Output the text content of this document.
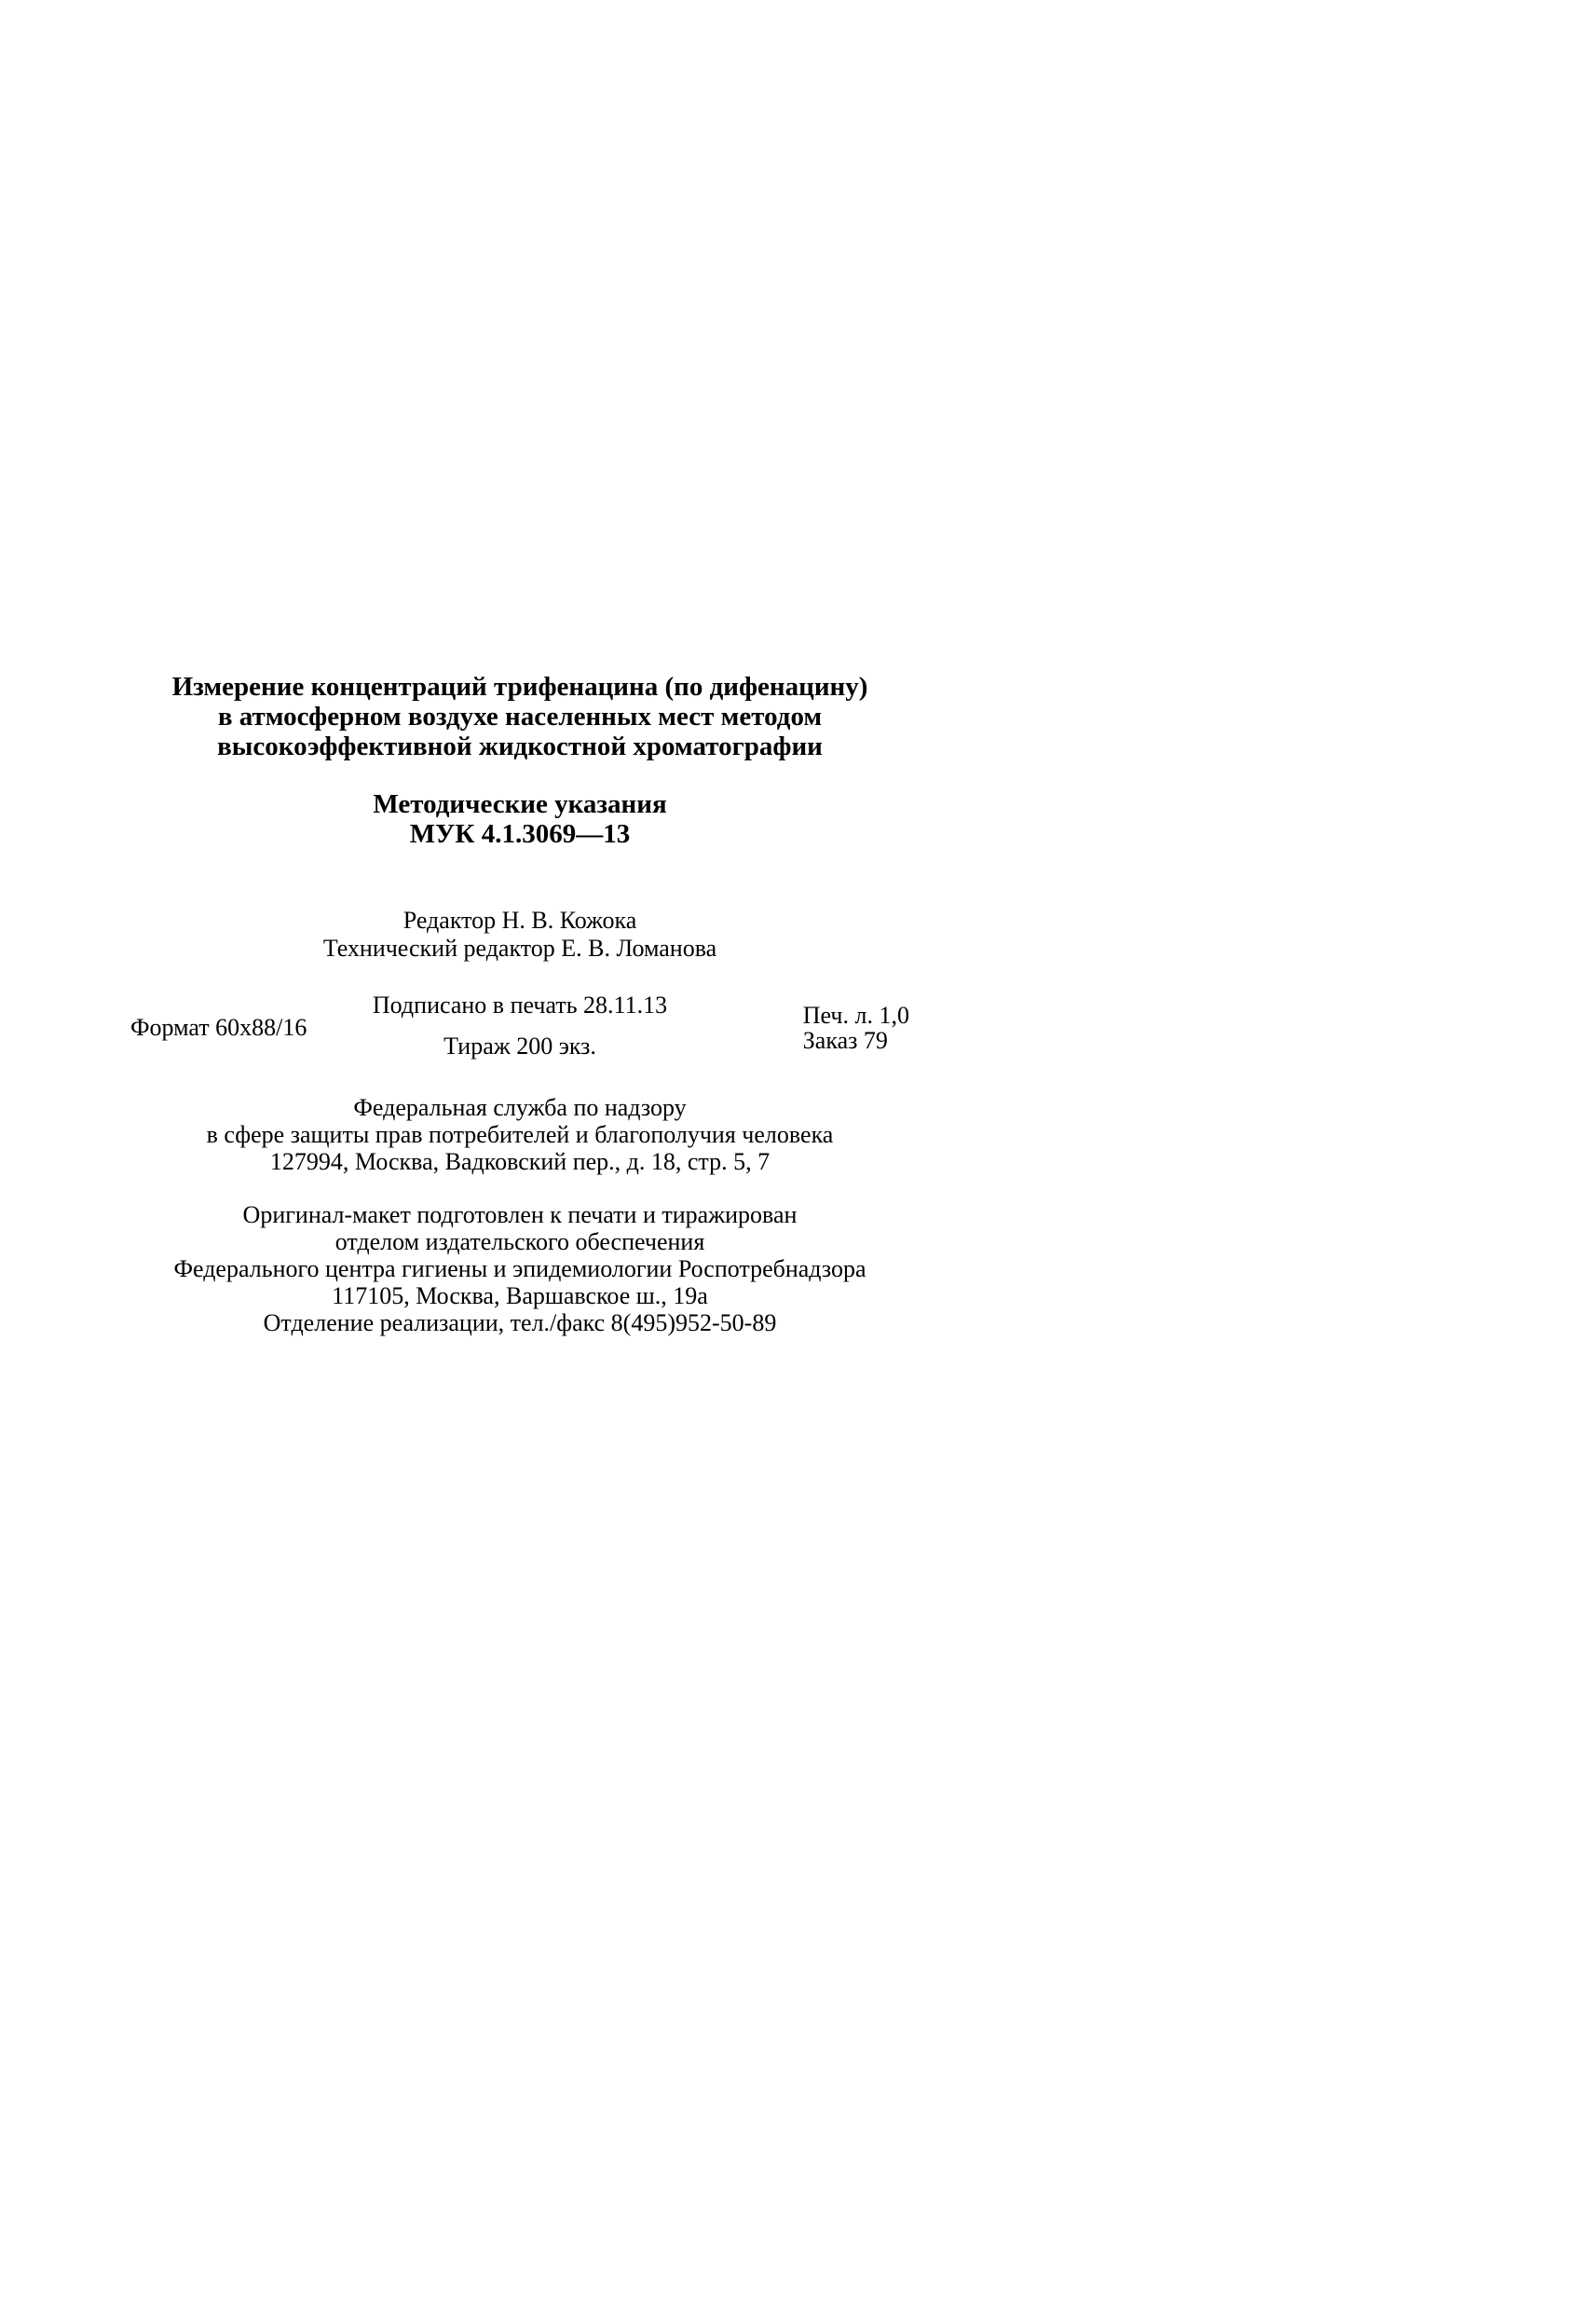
Измерение концентраций трифенацина (по дифенацину)
в атмосферном воздухе населенных мест методом
высокоэффективной жидкостной хроматографии
Методические указания
МУК 4.1.3069—13
Редактор Н. В. Кожока
Технический редактор Е. В. Ломанова
Подписано в печать 28.11.13
Формат 60х88/16	Печ. л. 1,0
Заказ 79
Тираж 200 экз.
Федеральная служба по надзору
в сфере защиты прав потребителей и благополучия человека
127994, Москва, Вадковский пер., д. 18, стр. 5, 7
Оригинал-макет подготовлен к печати и тиражирован
отделом издательского обеспечения
Федерального центра гигиены и эпидемиологии Роспотребнадзора
117105, Москва, Варшавское ш., 19а
Отделение реализации, тел./факс 8(495)952-50-89
